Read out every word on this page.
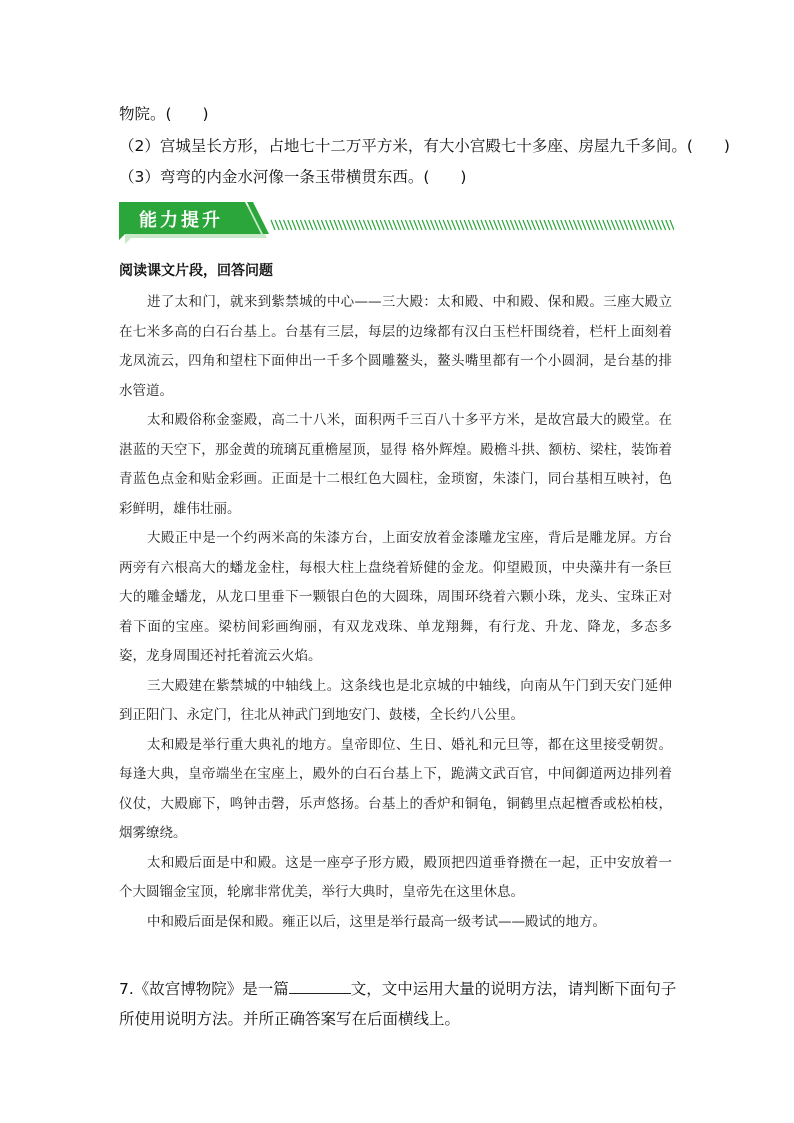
物院。(　　)
（2）宫城呈长方形，占地七十二万平方米，有大小宫殿七十多座、房屋九千多间。(　　)
（3）弯弯的内金水河像一条玉带横贯东西。(　　)
能力提升
阅读课文片段，回答问题

进了太和门，就来到紫禁城的中心——三大殿：太和殿、中和殿、保和殿。三座大殿立在七米多高的白石台基上。台基有三层，每层的边缘都有汉白玉栏杆围绕着，栏杆上面刻着龙凤流云，四角和望柱下面伸出一千多个圆雕鳌头，鳌头嘴里都有一个小圆洞，是台基的排水管道。

太和殿俗称金銮殿，高二十八米，面积两千三百八十多平方米，是故宫最大的殿堂。在湛蓝的天空下，那金黄的琉璃瓦重檐屋顶，显得 格外辉煌。殿檐斗拱、额枋、梁柱，装饰着青蓝色点金和贴金彩画。正面是十二根红色大圆柱，金琐窗，朱漆门，同台基相互映衬，色彩鲜明，雄伟壮丽。

大殿正中是一个约两米高的朱漆方台，上面安放着金漆雕龙宝座，背后是雕龙屏。方台两旁有六根高大的蟠龙金柱，每根大柱上盘绕着矫健的金龙。仰望殿顶，中央藻井有一条巨大的雕金蟠龙，从龙口里垂下一颗银白色的大圆珠，周围环绕着六颗小珠，龙头、宝珠正对着下面的宝座。梁枋间彩画绚丽，有双龙戏珠、单龙翔舞，有行龙、升龙、降龙，多态多姿，龙身周围还衬托着流云火焰。

三大殿建在紫禁城的中轴线上。这条线也是北京城的中轴线，向南从午门到天安门延伸到正阳门、永定门，往北从神武门到地安门、鼓楼，全长约八公里。

太和殿是举行重大典礼的地方。皇帝即位、生日、婚礼和元旦等，都在这里接受朝贺。每逢大典，皇帝端坐在宝座上，殿外的白石台基上下，跪满文武百官，中间御道两边排列着仪仗，大殿廊下，鸣钟击磬，乐声悠扬。台基上的香炉和铜龟，铜鹤里点起檀香或松柏枝，烟雾缭绕。

太和殿后面是中和殿。这是一座亭子形方殿，殿顶把四道垂脊攒在一起，正中安放着一个大圆镏金宝顶，轮廓非常优美，举行大典时，皇帝先在这里休息。

中和殿后面是保和殿。雍正以后，这里是举行最高一级考试——殿试的地方。

7.《故宫博物院》是一篇	文，文中运用大量的说明方法，请判断下面句子所使用说明方法。并所正确答案写在后面横线上。
